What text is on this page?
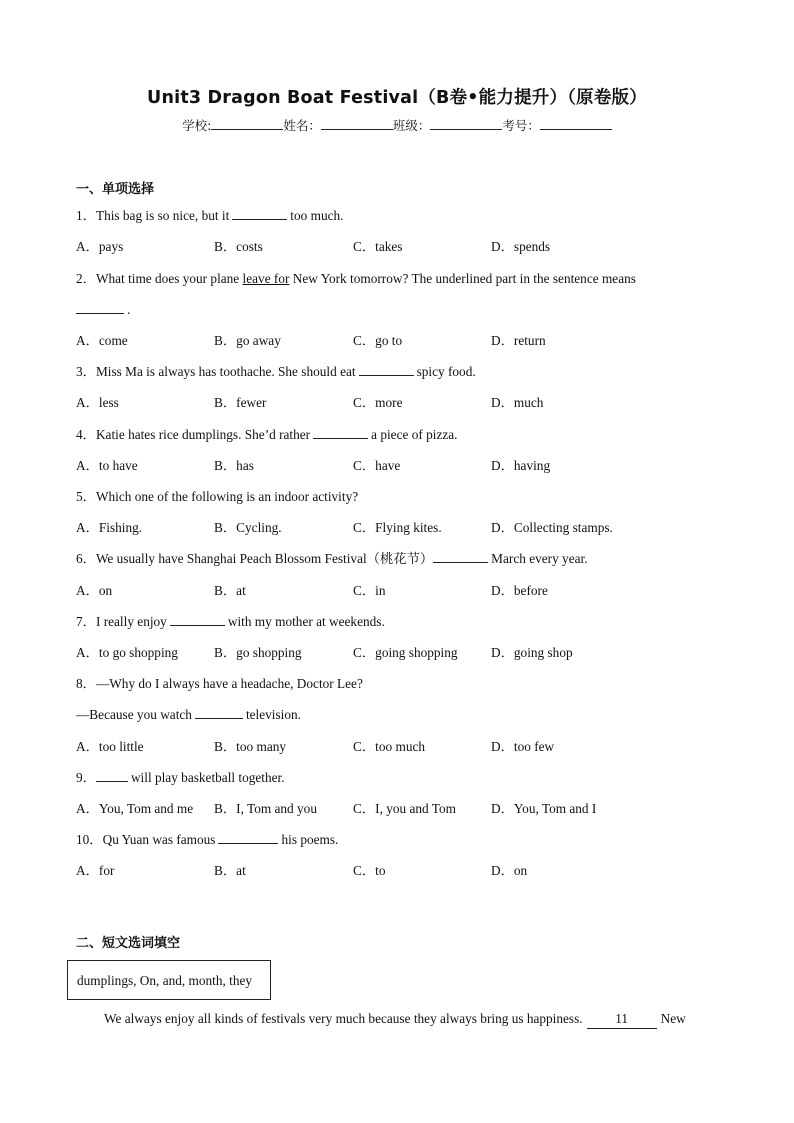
Unit3 Dragon Boat Festival（B卷•能力提升）（原卷版）
学校:	姓名：	班级：	考号：
一、单项选择
1．This bag is so nice, but it	too much.
A．pays	B．costs	C．takes	D．spends
2．What time does your plane leave for New York tomorrow? The underlined part in the sentence means
.
A．come	B．go away	C．go to	D．return
3．Miss Ma is always has toothache. She should eat	spicy food.
A．less	B．fewer	C．more	D．much
4．Katie hates rice dumplings. She’d rather	a piece of pizza.
A．to have	B．has	C．have	D．having
5．Which one of the following is an indoor activity?
A．Fishing.	B．Cycling.	C．Flying kites.	D．Collecting stamps.
6．We usually have Shanghai Peach Blossom Festival（桃花节）	March every year.
A．on	B．at	C．in	D．before
7．I really enjoy	with my mother at weekends.
A．to go shopping	B．go shopping	C．going shopping	D．going shop
8．—Why do I always have a headache, Doctor Lee?
—Because you watch	television.
A．too little	B．too many	C．too much	D．too few
9．	will play basketball together.
A．You, Tom and me B．I, Tom and you	C．I, you and Tom	D．You, Tom and I
10．Qu Yuan was famous	his poems.
A．for	B．at	C．to	D．on
二、短文选词填空
dumplings, On, and, month, they
We always enjoy all kinds of festivals very much because they always bring us happiness. 11 New
